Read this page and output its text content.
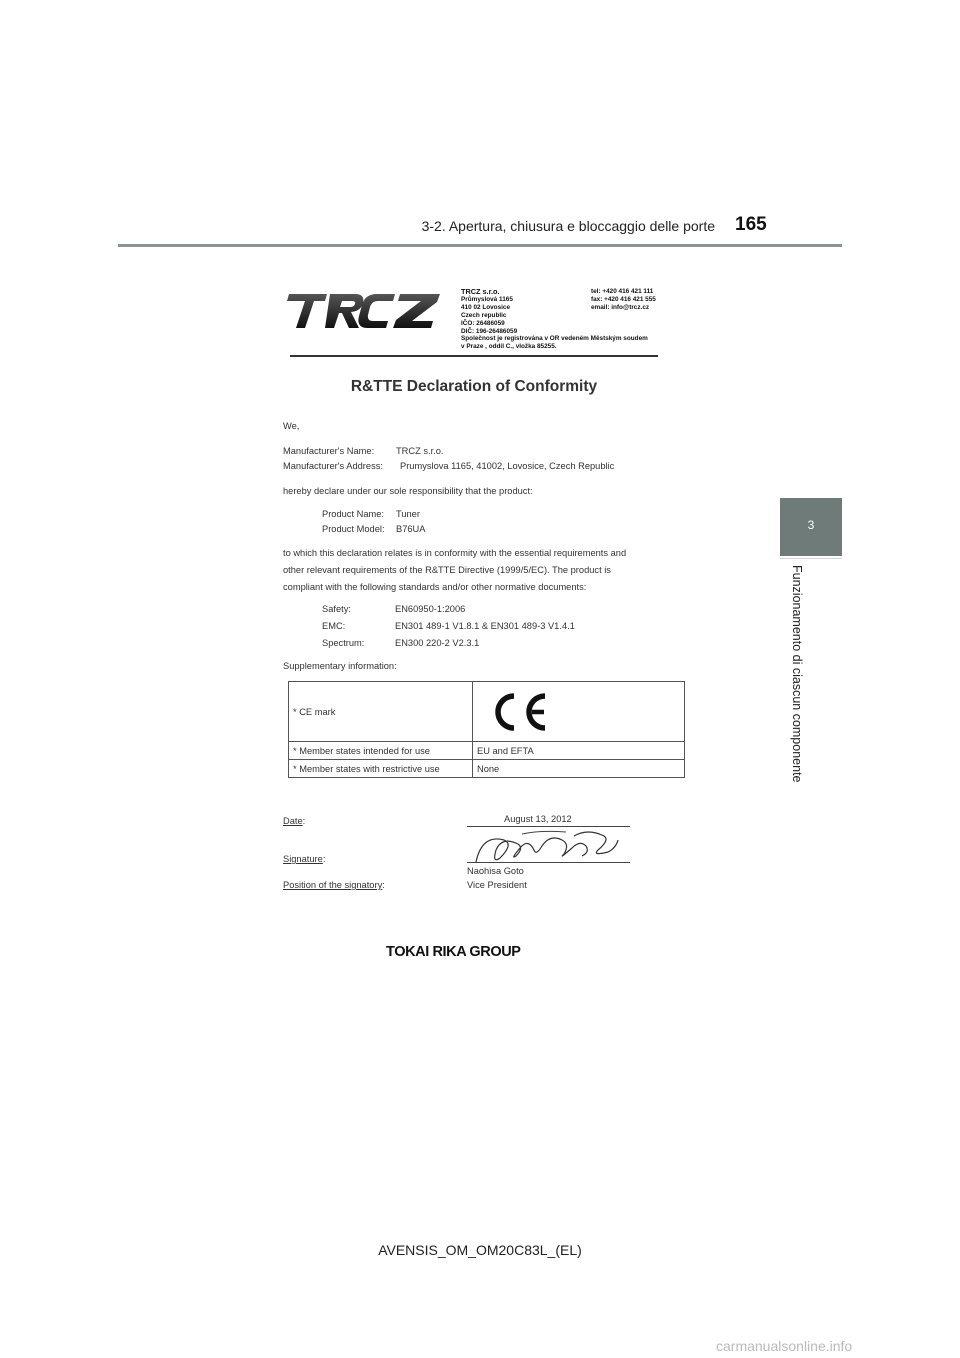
3-2. Apertura, chiusura e bloccaggio delle porte 165
3
Funzionamento di ciascun componente
TRCZ s.r.o.
Průmyslová 1165
410 02 Lovosice
Czech republic
IČO: 26486059
DIČ: 196-26486059
Společnost je registrována v OR vedeném Městským soudem
v Praze , oddíl C., vložka 85255.
tel: +420 416 421 111
fax: +420 416 421 555
email: info@trcz.cz
R&TTE Declaration of Conformity
We,
Manufacturer's Name: TRCZ s.r.o.
Manufacturer's Address: Prumyslova 1165, 41002, Lovosice, Czech Republic
hereby declare under our sole responsibility that the product:
Product Name: Tuner
Product Model: B76UA
to which this declaration relates is in conformity with the essential requirements and
other relevant requirements of the R&TTE Directive (1999/5/EC). The product is
compliant with the following standards and/or other normative documents:
Safety:	EN60950-1:2006
EMC:	EN301 489-1 V1.8.1 & EN301 489-3 V1.4.1
Spectrum:	EN300 220-2 V2.3.1
Supplementary information:
* CE mark	

* Member states intended for use	EU and EFTA
* Member states with restrictive use	None
Date:	August 13, 2012
Signature:
Naohisa Goto
Position of the signatory:	Vice President
TOKAI RIKA GROUP
AVENSIS_OM_OM20C83L_(EL)
carmanualsonline.info
